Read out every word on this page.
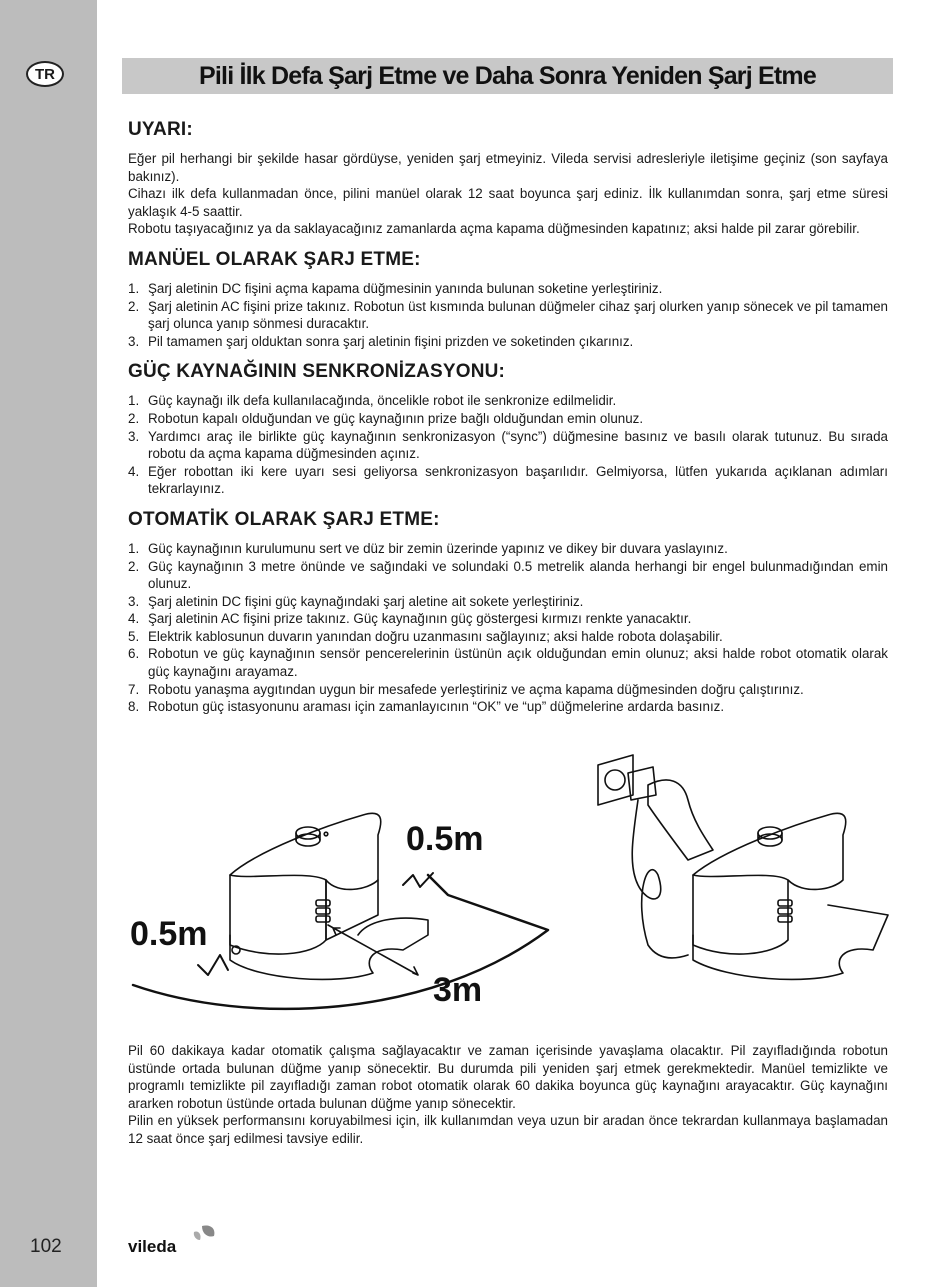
TR
102
Pili İlk Defa Şarj Etme ve Daha Sonra Yeniden Şarj Etme
UYARI:

Eğer pil herhangi bir şekilde hasar gördüyse, yeniden şarj etmeyiniz. Vileda servisi adresleriyle iletişime geçiniz (son sayfaya bakınız).

Cihazı ilk defa kullanmadan önce, pilini manüel olarak 12 saat boyunca şarj ediniz. İlk kullanımdan sonra, şarj etme süresi yaklaşık 4-5 saattir.

Robotu taşıyacağınız ya da saklayacağınız zamanlarda açma kapama düğmesinden kapatınız; aksi halde pil zarar görebilir.

MANÜEL OLARAK ŞARJ ETME:
1. Şarj aletinin DC fişini açma kapama düğmesinin yanında bulunan soketine yerleştiriniz.
2. Şarj aletinin AC fişini prize takınız. Robotun üst kısmında bulunan düğmeler cihaz şarj olurken yanıp sönecek ve pil tamamen şarj olunca yanıp sönmesi duracaktır.
3. Pil tamamen şarj olduktan sonra şarj aletinin fişini prizden ve soketinden çıkarınız.
GÜÇ KAYNAĞININ SENKRONİZASYONU:
1. Güç kaynağı ilk defa kullanılacağında, öncelikle robot ile senkronize edilmelidir.
2. Robotun kapalı olduğundan ve güç kaynağının prize bağlı olduğundan emin olunuz.
3. Yardımcı araç ile birlikte güç kaynağının senkronizasyon (“sync”) düğmesine basınız ve basılı olarak tutunuz. Bu sırada robotu da açma kapama düğmesinden açınız.
4. Eğer robottan iki kere uyarı sesi geliyorsa senkronizasyon başarılıdır. Gelmiyorsa, lütfen yukarıda açıklanan adımları tekrarlayınız.
OTOMATİK OLARAK ŞARJ ETME:
1. Güç kaynağının kurulumunu sert ve düz bir zemin üzerinde yapınız ve dikey bir duvara yaslayınız.
2. Güç kaynağının 3 metre önünde ve sağındaki ve solundaki 0.5 metrelik alanda herhangi bir engel bulunmadığından emin olunuz.
3. Şarj aletinin DC fişini güç kaynağındaki şarj aletine ait sokete yerleştiriniz.
4. Şarj aletinin AC fişini prize takınız. Güç kaynağının güç göstergesi kırmızı renkte yanacaktır.
5. Elektrik kablosunun duvarın yanından doğru uzanmasını sağlayınız; aksi halde robota dolaşabilir.
6. Robotun ve güç kaynağının sensör pencerelerinin üstünün açık olduğundan emin olunuz; aksi halde robot otomatik olarak güç kaynağını arayamaz.
7. Robotu yanaşma aygıtından uygun bir mesafede yerleştiriniz ve açma kapama düğmesinden doğru çalıştırınız.
8. Robotun güç istasyonunu araması için zamanlayıcının “OK” ve “up” düğmelerine ardarda basınız.
0.5m
0.5m
3m

Pil 60 dakikaya kadar otomatik çalışma sağlayacaktır ve zaman içerisinde yavaşlama olacaktır. Pil zayıfladığında robotun üstünde ortada bulunan düğme yanıp sönecektir. Bu durumda pili yeniden şarj etmek gerekmektedir. Manüel temizlikte ve programlı temizlikte pil zayıfladığı zaman robot otomatik olarak 60 dakika boyunca güç kaynağını arayacaktır. Güç kaynağını ararken robotun üstünde ortada bulunan düğme yanıp sönecektir.

Pilin en yüksek performansını koruyabilmesi için, ilk kullanımdan veya uzun bir aradan önce tekrardan kullanmaya başlamadan 12 saat önce şarj edilmesi tavsiye edilir.

vileda
